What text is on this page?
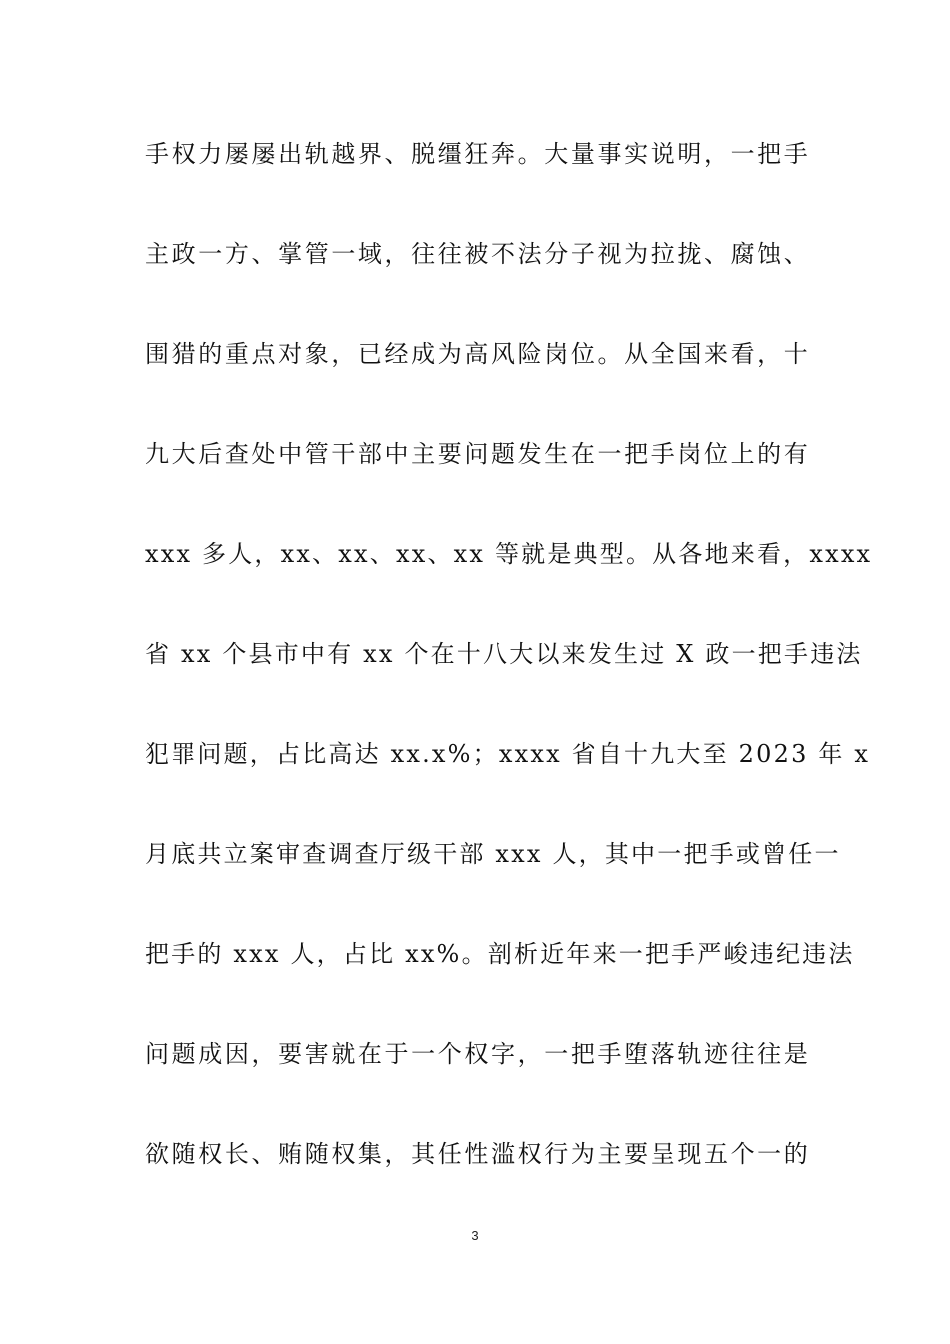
手权力屡屡出轨越界、脱缰狂奔。大量事实说明，一把手
主政一方、掌管一域，往往被不法分子视为拉拢、腐蚀、
围猎的重点对象，已经成为高风险岗位。从全国来看，十
九大后查处中管干部中主要问题发生在一把手岗位上的有
xxx 多人，xx、xx、xx、xx 等就是典型。从各地来看，xxxx
省 xx 个县市中有 xx 个在十八大以来发生过 X 政一把手违法
犯罪问题，占比高达 xx.x%；xxxx 省自十九大至 2023 年 x
月底共立案审查调查厅级干部 xxx 人，其中一把手或曾任一
把手的 xxx 人，占比 xx%。剖析近年来一把手严峻违纪违法
问题成因，要害就在于一个权字，一把手堕落轨迹往往是
欲随权长、贿随权集，其任性滥权行为主要呈现五个一的
3
